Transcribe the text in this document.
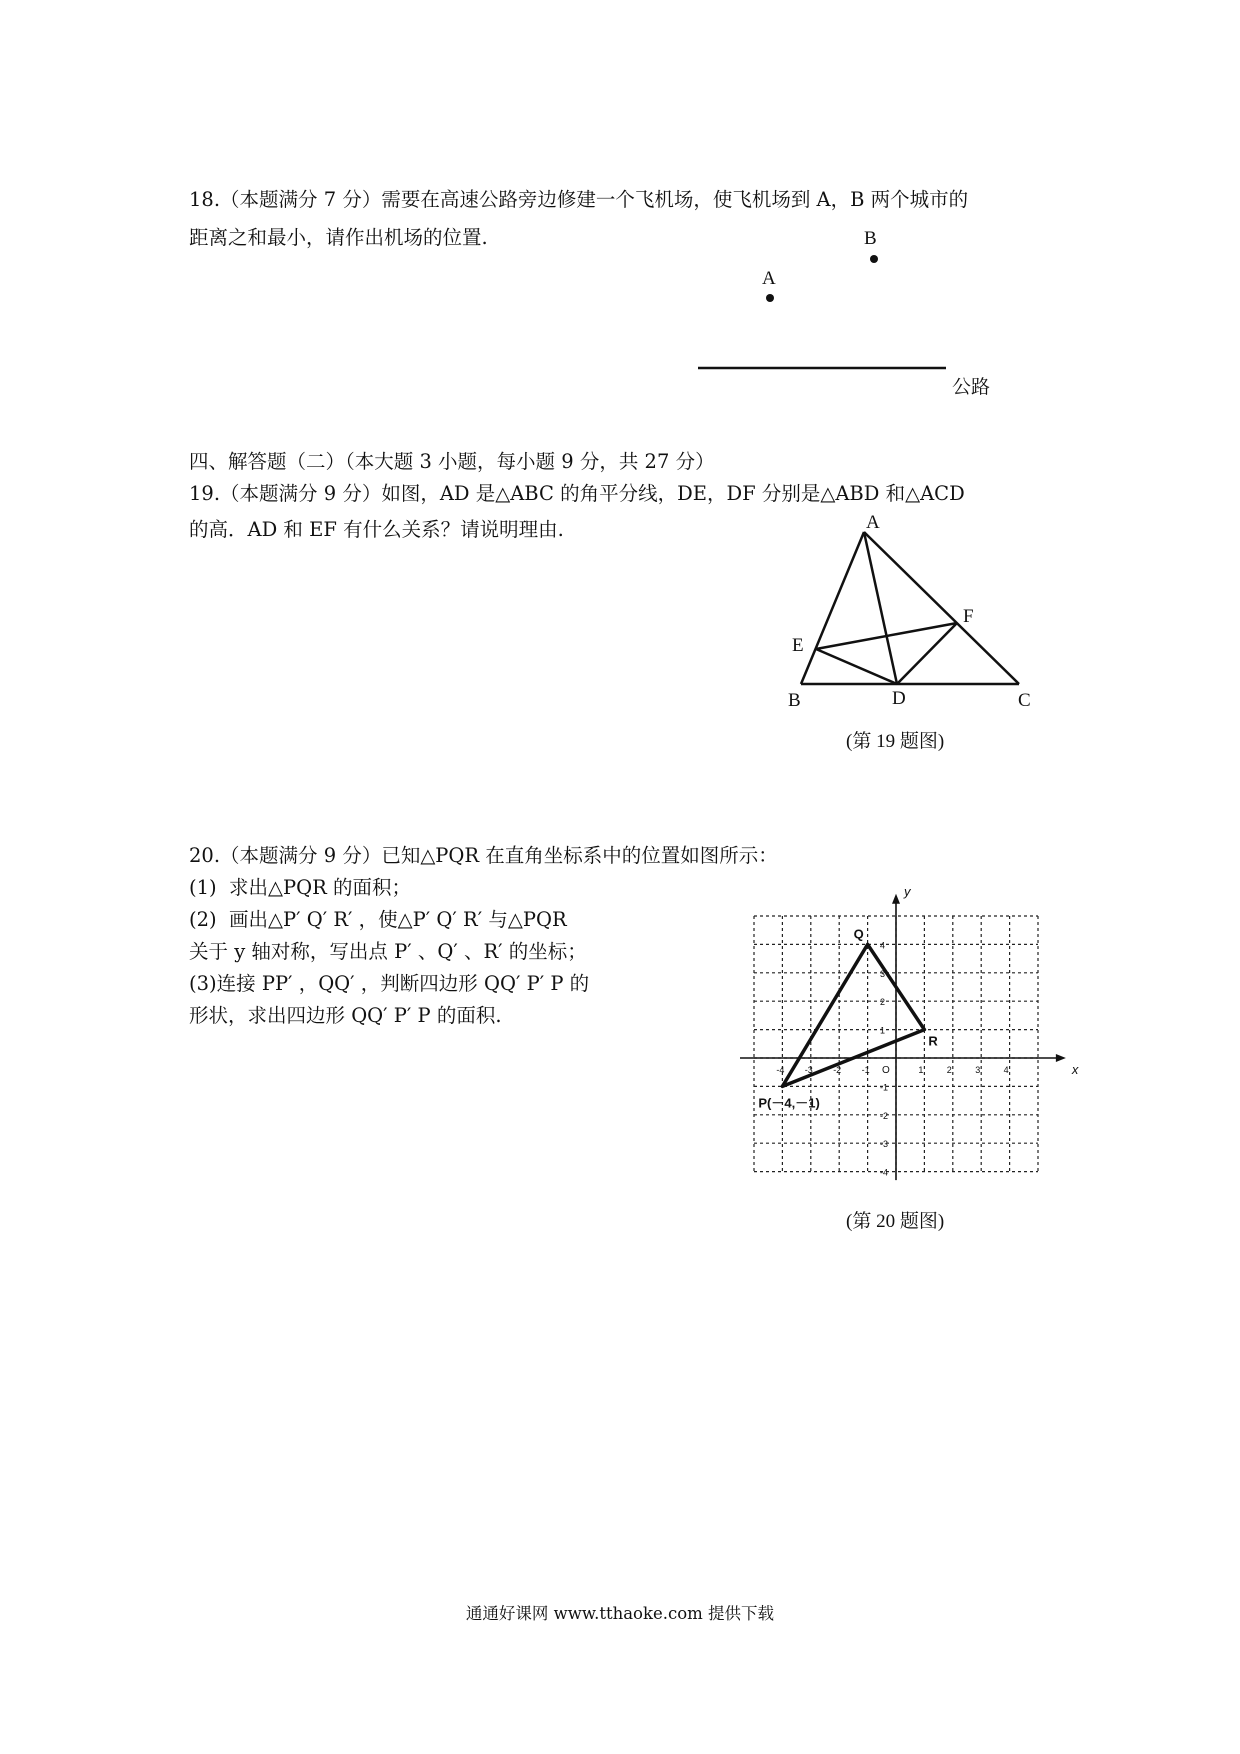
18.（本题满分 7 分）需要在高速公路旁边修建一个飞机场，使飞机场到 A，B 两个城市的
距离之和最小，请作出机场的位置.	B
A
公路
四、解答题（二）（本大题 3 小题，每小题 9 分，共 27 分）
19.（本题满分 9 分）如图，AD 是△ABC 的角平分线，DE，DF 分别是△ABD 和△ACD
的高．AD 和 EF 有什么关系？请说明理由.	A
F
E
B	D	C
(第 19 题图)
20.（本题满分 9 分）已知△PQR 在直角坐标系中的位置如图所示：
(1)  求出△PQR 的面积；
(2)  画出△P′ Q′ R′ ，使△P′ Q′ R′ 与△PQR
关于 y 轴对称，写出点 P′ 、Q′ 、R′ 的坐标；
(3)连接 PP′ ，QQ′ ，判断四边形 QQ′ P′ P 的
形状，求出四边形 QQ′ P′ P 的面积.
x
y
O
-4 -3 -2 -1	1	2	3	4
4
3
2
1
-1
-2
-3
-4
Q
R
P(－4,－1)
(第 20 题图)
通通好课网 www.tthaoke.com 提供下载
